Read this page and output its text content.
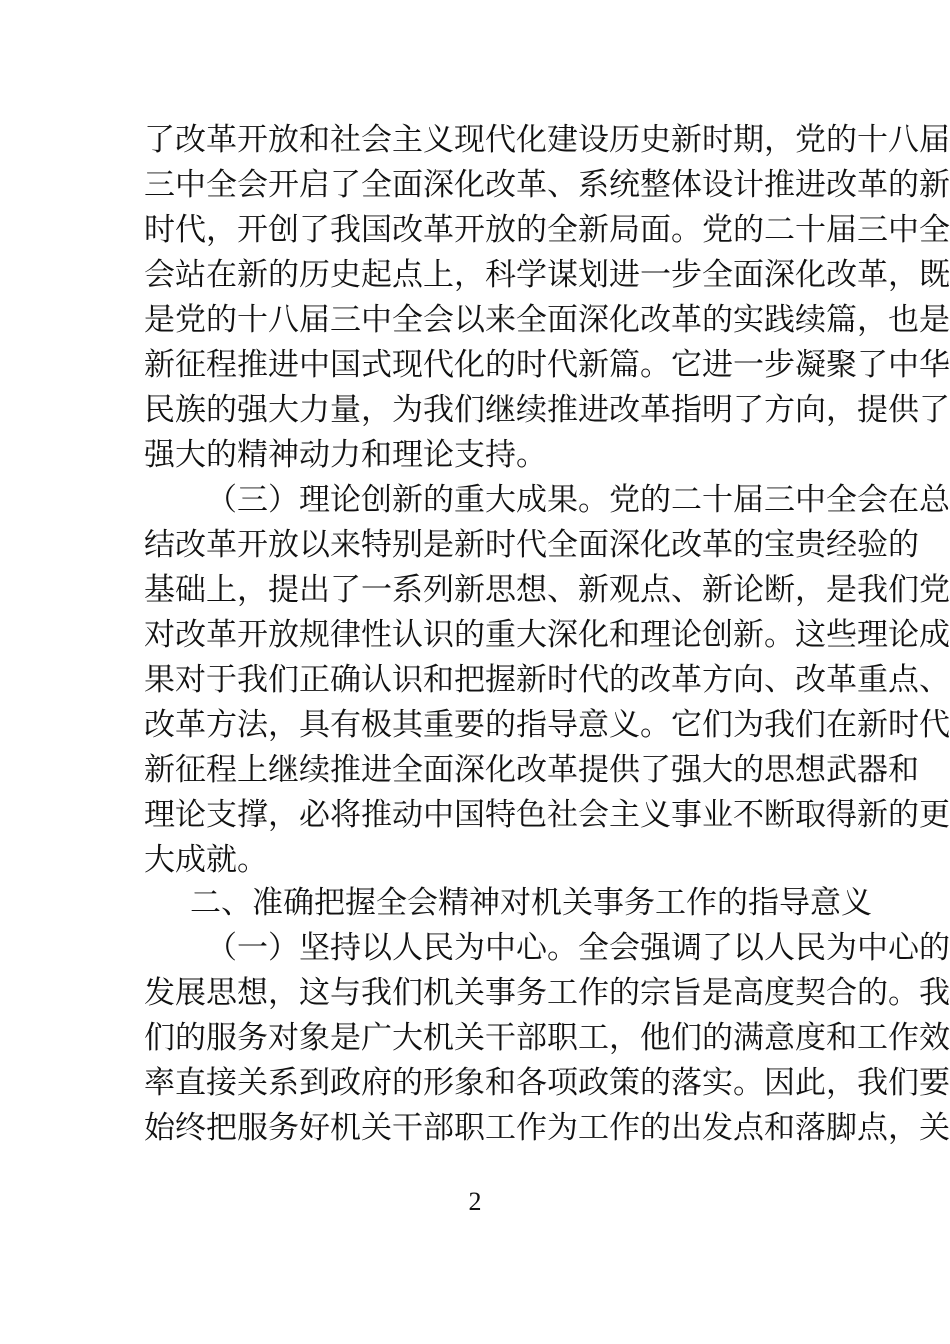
了改革开放和社会主义现代化建设历史新时期，党的十八届
三中全会开启了全面深化改革、系统整体设计推进改革的新
时代，开创了我国改革开放的全新局面。党的二十届三中全
会站在新的历史起点上，科学谋划进一步全面深化改革，既
是党的十八届三中全会以来全面深化改革的实践续篇，也是
新征程推进中国式现代化的时代新篇。它进一步凝聚了中华
民族的强大力量，为我们继续推进改革指明了方向，提供了
强大的精神动力和理论支持。
（三）理论创新的重大成果。党的二十届三中全会在总
结改革开放以来特别是新时代全面深化改革的宝贵经验的
基础上，提出了一系列新思想、新观点、新论断，是我们党
对改革开放规律性认识的重大深化和理论创新。这些理论成
果对于我们正确认识和把握新时代的改革方向、改革重点、
改革方法，具有极其重要的指导意义。它们为我们在新时代
新征程上继续推进全面深化改革提供了强大的思想武器和
理论支撑，必将推动中国特色社会主义事业不断取得新的更
大成就。
二、准确把握全会精神对机关事务工作的指导意义
（一）坚持以人民为中心。全会强调了以人民为中心的
发展思想，这与我们机关事务工作的宗旨是高度契合的。我
们的服务对象是广大机关干部职工，他们的满意度和工作效
率直接关系到政府的形象和各项政策的落实。因此，我们要
始终把服务好机关干部职工作为工作的出发点和落脚点，关
2
